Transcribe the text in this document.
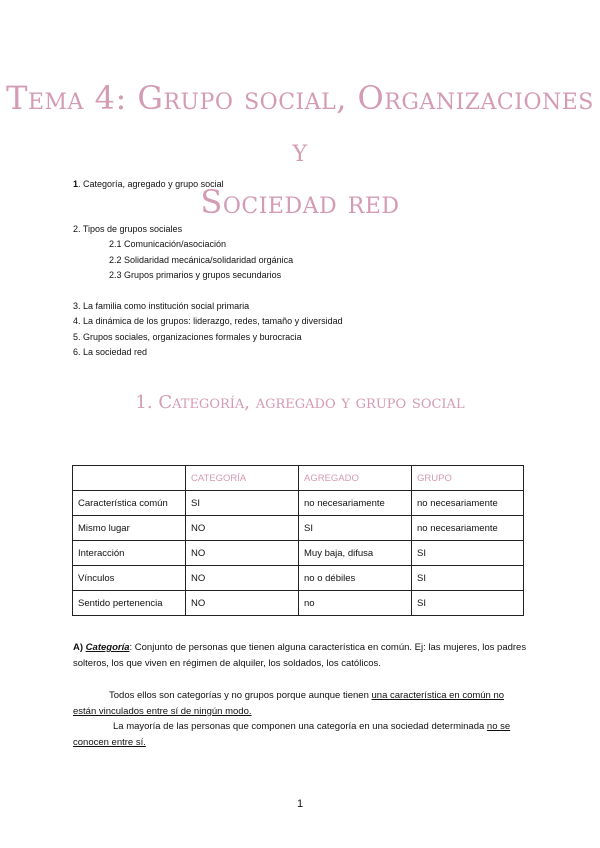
Tema 4: Grupo social, Organizaciones y
Sociedad red
1. Categoría, agregado y grupo social
2. Tipos de grupos sociales
2.1 Comunicación/asociación
2.2 Solidaridad mecánica/solidaridad orgánica
2.3 Grupos primarios y grupos secundarios
3. La familia como institución social primaria
4. La dinámica de los grupos: liderazgo, redes, tamaño y diversidad
5. Grupos sociales, organizaciones formales y burocracia
6. La sociedad red
1. Categoría, agregado y grupo social
	CATEGORÍA	AGREGADO	GRUPO
Característica común	SI	no necesariamente	no necesariamente
Mismo lugar	NO	SI	no necesariamente
Interacción	NO	Muy baja, difusa	SI
Vínculos	NO	no o débiles	SI
Sentido pertenencia	NO	no	SI
A) Categoría: Conjunto de personas que tienen alguna característica en común. Ej: las mujeres, los padres solteros, los que viven en régimen de alquiler, los soldados, los católicos.
Todos ellos son categorías y no grupos porque aunque tienen una característica en común no están vinculados entre sí de ningún modo.
La mayoría de las personas que componen una categoría en una sociedad determinada no se conocen entre sí.
1
